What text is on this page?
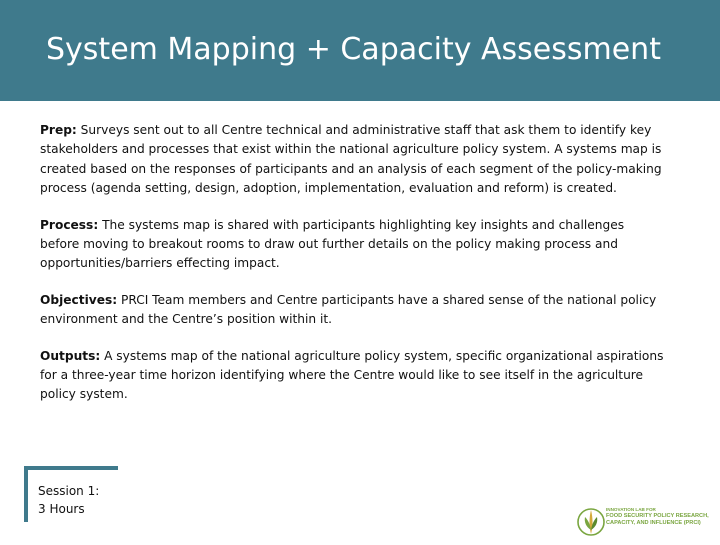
System Mapping + Capacity Assessment

Prep: Surveys sent out to all Centre technical and administrative staff that ask them to identify key stakeholders and processes that exist within the national agriculture policy system. A systems map is created based on the responses of participants and an analysis of each segment of the policy-making process (agenda setting, design, adoption, implementation, evaluation and reform) is created.

Process: The systems map is shared with participants highlighting key insights and challenges before moving to breakout rooms to draw out further details on the policy making process and opportunities/barriers effecting impact.

Objectives: PRCI Team members and Centre participants have a shared sense of the national policy environment and the Centre’s position within it.

Outputs: A systems map of the national agriculture policy system, specific organizational aspirations for a three-year time horizon identifying where the Centre would like to see itself in the agriculture policy system.

Session 1:
3 Hours	INNOVATION LAB FOR
FOOD SECURITY POLICY RESEARCH,
CAPACITY, AND INFLUENCE (PRCI)
